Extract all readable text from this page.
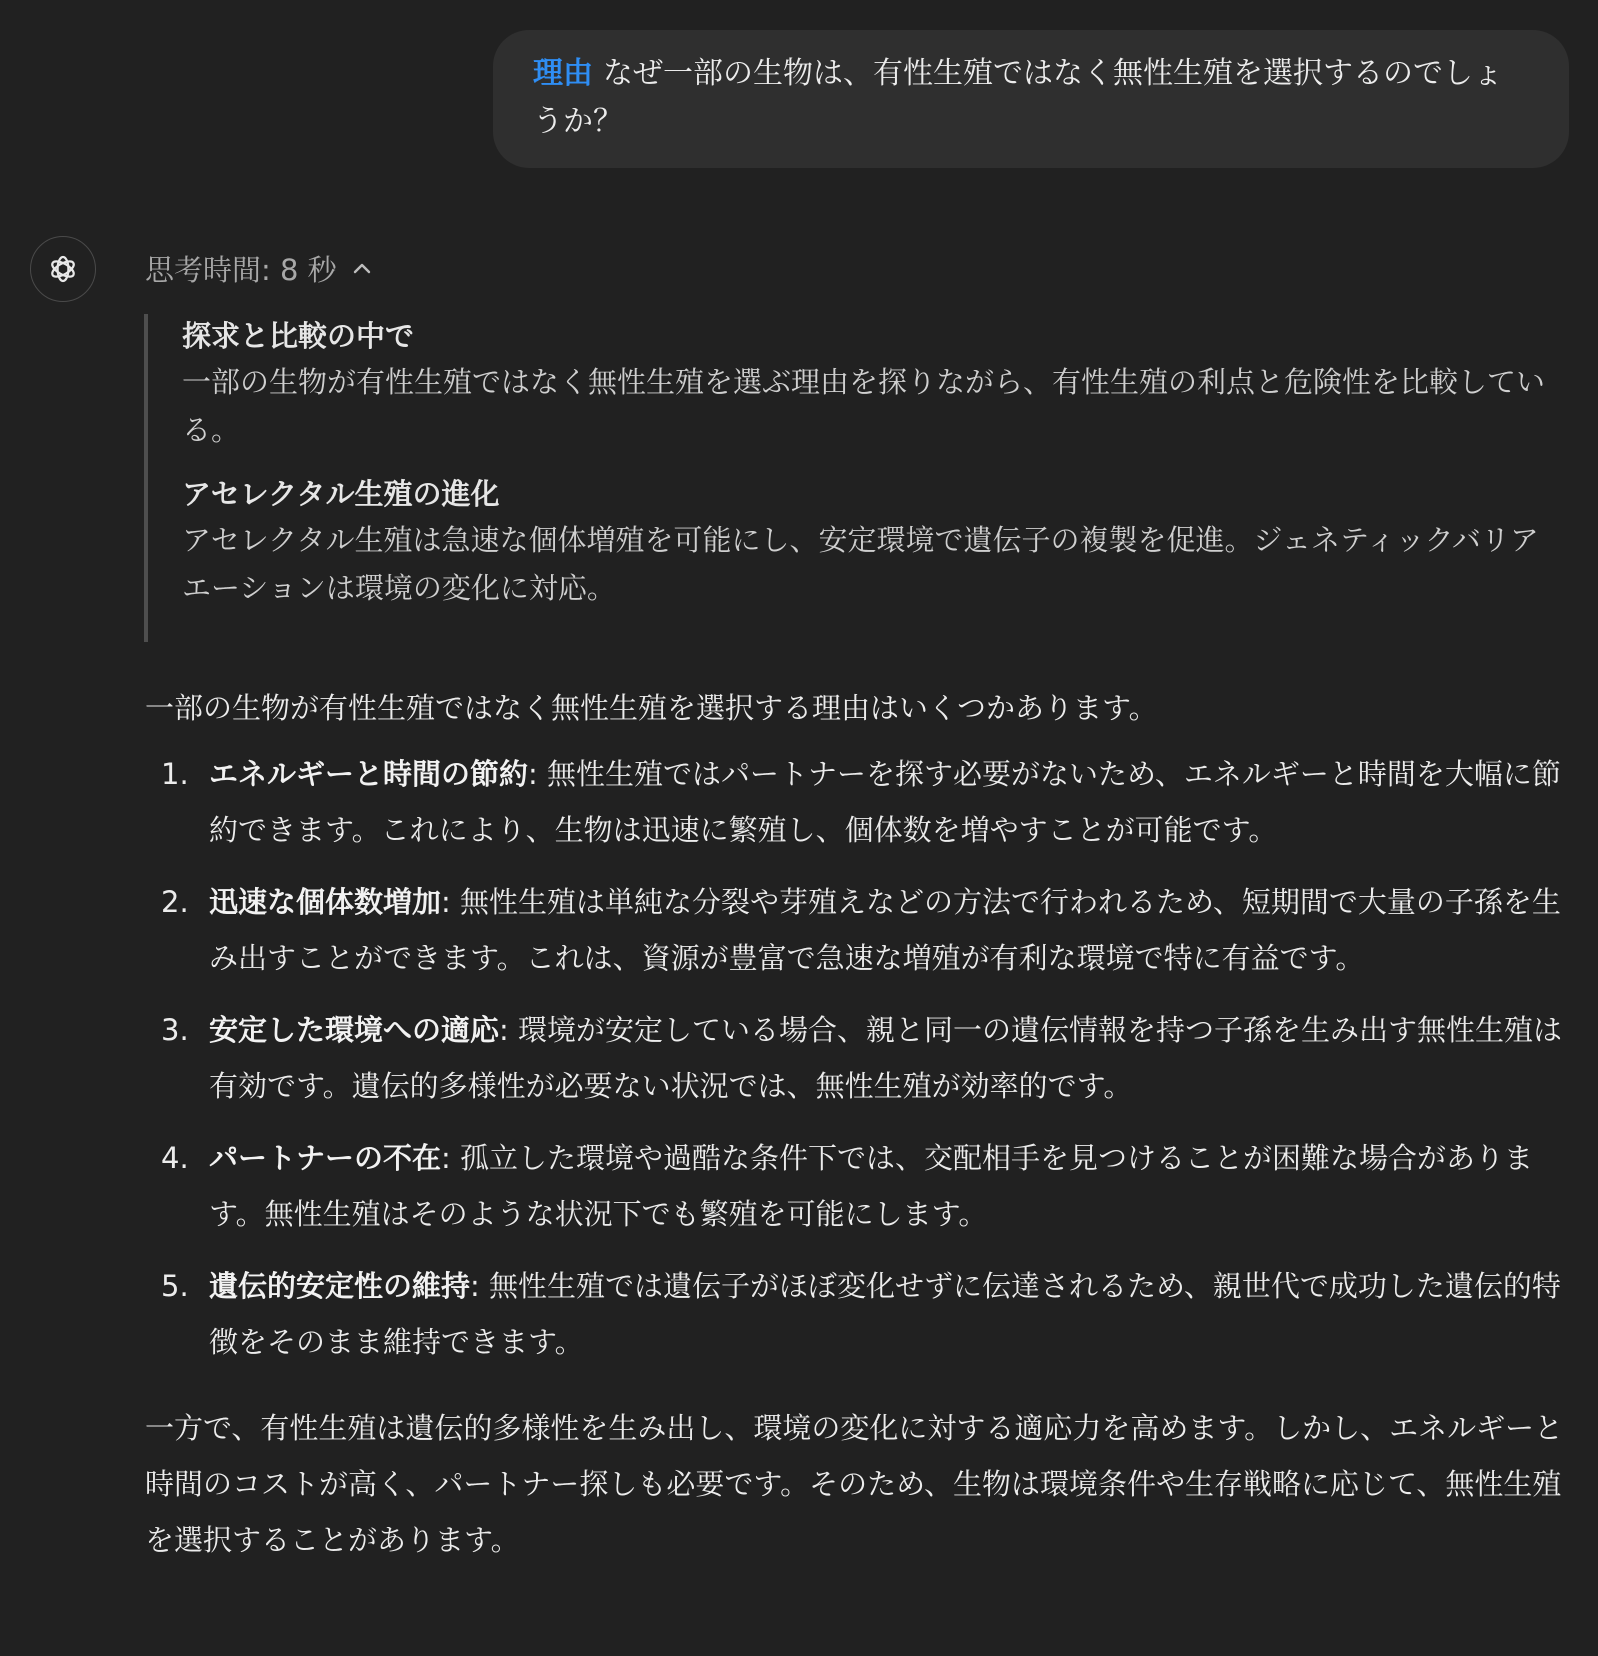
理由 なぜ一部の生物は、有性生殖ではなく無性生殖を選択するのでしょうか？
思考時間: 8 秒
探求と比較の中で
一部の生物が有性生殖ではなく無性生殖を選ぶ理由を探りながら、有性生殖の利点と危険性を比較している。
アセレクタル生殖の進化
アセレクタル生殖は急速な個体増殖を可能にし、安定環境で遺伝子の複製を促進。ジェネティックバリアエーションは環境の変化に対応。

一部の生物が有性生殖ではなく無性生殖を選択する理由はいくつかあります。

1. エネルギーと時間の節約: 無性生殖ではパートナーを探す必要がないため、エネルギーと時間を大幅に節約できます。これにより、生物は迅速に繁殖し、個体数を増やすことが可能です。
2. 迅速な個体数増加: 無性生殖は単純な分裂や芽殖えなどの方法で行われるため、短期間で大量の子孫を生み出すことができます。これは、資源が豊富で急速な増殖が有利な環境で特に有益です。
3. 安定した環境への適応: 環境が安定している場合、親と同一の遺伝情報を持つ子孫を生み出す無性生殖は有効です。遺伝的多様性が必要ない状況では、無性生殖が効率的です。
4. パートナーの不在: 孤立した環境や過酷な条件下では、交配相手を見つけることが困難な場合があります。無性生殖はそのような状況下でも繁殖を可能にします。
5. 遺伝的安定性の維持: 無性生殖では遺伝子がほぼ変化せずに伝達されるため、親世代で成功した遺伝的特徴をそのまま維持できます。

一方で、有性生殖は遺伝的多様性を生み出し、環境の変化に対する適応力を高めます。しかし、エネルギーと時間のコストが高く、パートナー探しも必要です。そのため、生物は環境条件や生存戦略に応じて、無性生殖を選択することがあります。
